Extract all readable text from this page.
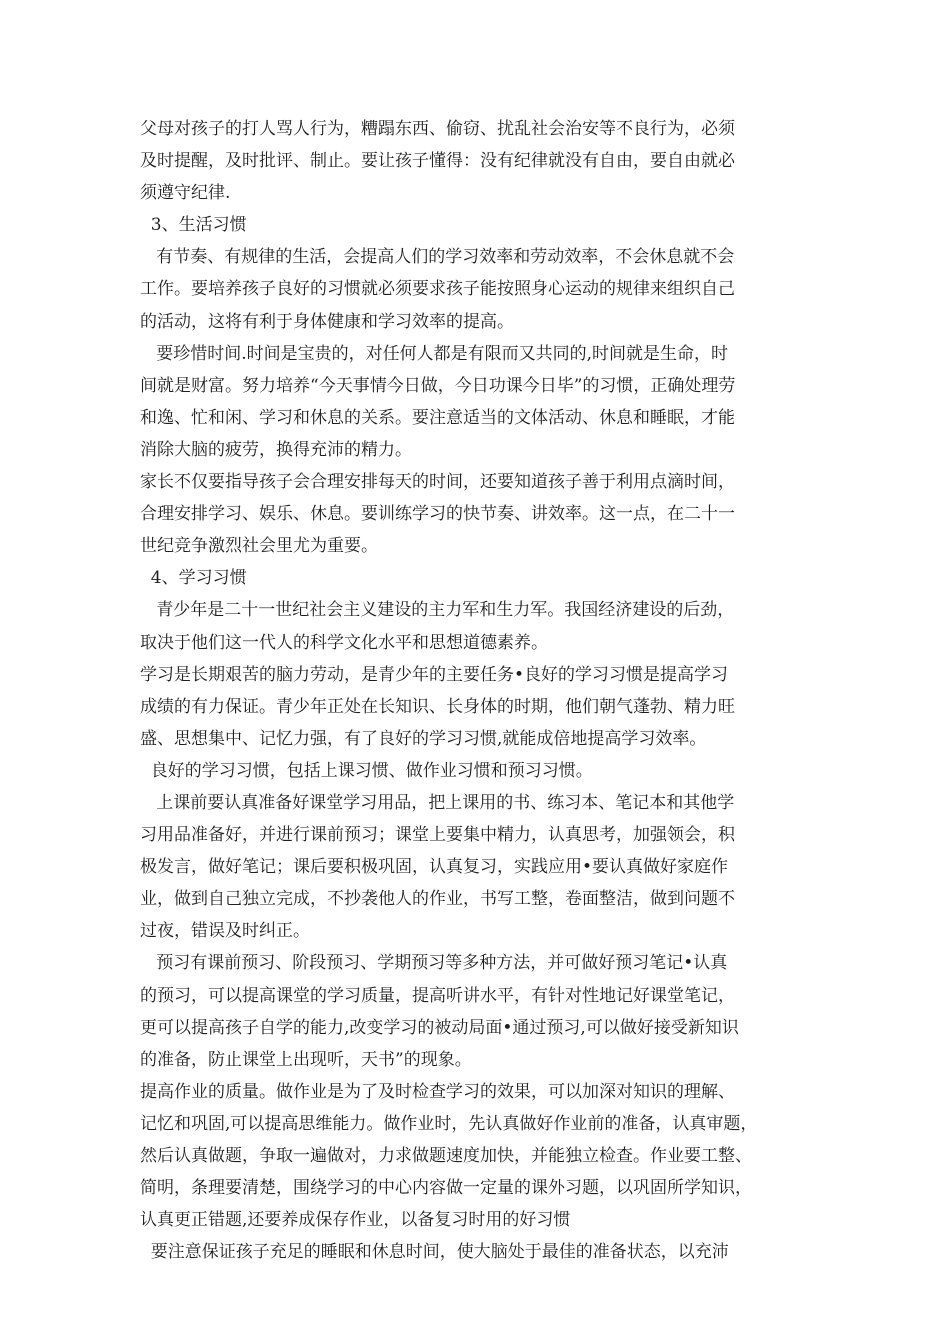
父母对孩子的打人骂人行为，糟蹋东西、偷窃、扰乱社会治安等不良行为，必须
及时提醒，及时批评、制止。要让孩子懂得：没有纪律就没有自由，要自由就必
须遵守纪律.
3、生活习惯
有节奏、有规律的生活，会提高人们的学习效率和劳动效率，不会休息就不会
工作。要培养孩子良好的习惯就必须要求孩子能按照身心运动的规律来组织自己
的活动，这将有利于身体健康和学习效率的提高。
要珍惜时间.时间是宝贵的，对任何人都是有限而又共同的,时间就是生命，时
间就是财富。努力培养“今天事情今日做，今日功课今日毕”的习惯，正确处理劳
和逸、忙和闲、学习和休息的关系。要注意适当的文体活动、休息和睡眠，才能
消除大脑的疲劳，换得充沛的精力。
家长不仅要指导孩子会合理安排每天的时间，还要知道孩子善于利用点滴时间，
合理安排学习、娱乐、休息。要训练学习的快节奏、讲效率。这一点，在二十一
世纪竞争激烈社会里尤为重要。
4、学习习惯
青少年是二十一世纪社会主义建设的主力军和生力军。我国经济建设的后劲，
取决于他们这一代人的科学文化水平和思想道德素养。
学习是长期艰苦的脑力劳动，是青少年的主要任务•良好的学习习惯是提高学习
成绩的有力保证。青少年正处在长知识、长身体的时期，他们朝气蓬勃、精力旺
盛、思想集中、记忆力强，有了良好的学习习惯,就能成倍地提高学习效率。
良好的学习习惯，包括上课习惯、做作业习惯和预习习惯。
上课前要认真准备好课堂学习用品，把上课用的书、练习本、笔记本和其他学
习用品准备好，并进行课前预习；课堂上要集中精力，认真思考，加强领会，积
极发言，做好笔记；课后要积极巩固，认真复习，实践应用•要认真做好家庭作
业，做到自己独立完成，不抄袭他人的作业，书写工整，卷面整洁，做到问题不
过夜，错误及时纠正。
预习有课前预习、阶段预习、学期预习等多种方法，并可做好预习笔记•认真
的预习，可以提高课堂的学习质量，提高听讲水平，有针对性地记好课堂笔记，
更可以提高孩子自学的能力,改变学习的被动局面•通过预习,可以做好接受新知识
的准备，防止课堂上出现听，天书”的现象。
提高作业的质量。做作业是为了及时检查学习的效果，可以加深对知识的理解、
记忆和巩固,可以提高思维能力。做作业时，先认真做好作业前的准备，认真审题，
然后认真做题，争取一遍做对，力求做题速度加快，并能独立检查。作业要工整、
简明，条理要清楚，围绕学习的中心内容做一定量的课外习题，以巩固所学知识，
认真更正错题,还要养成保存作业，以备复习时用的好习惯
要注意保证孩子充足的睡眠和休息时间，使大脑处于最佳的准备状态，以充沛
